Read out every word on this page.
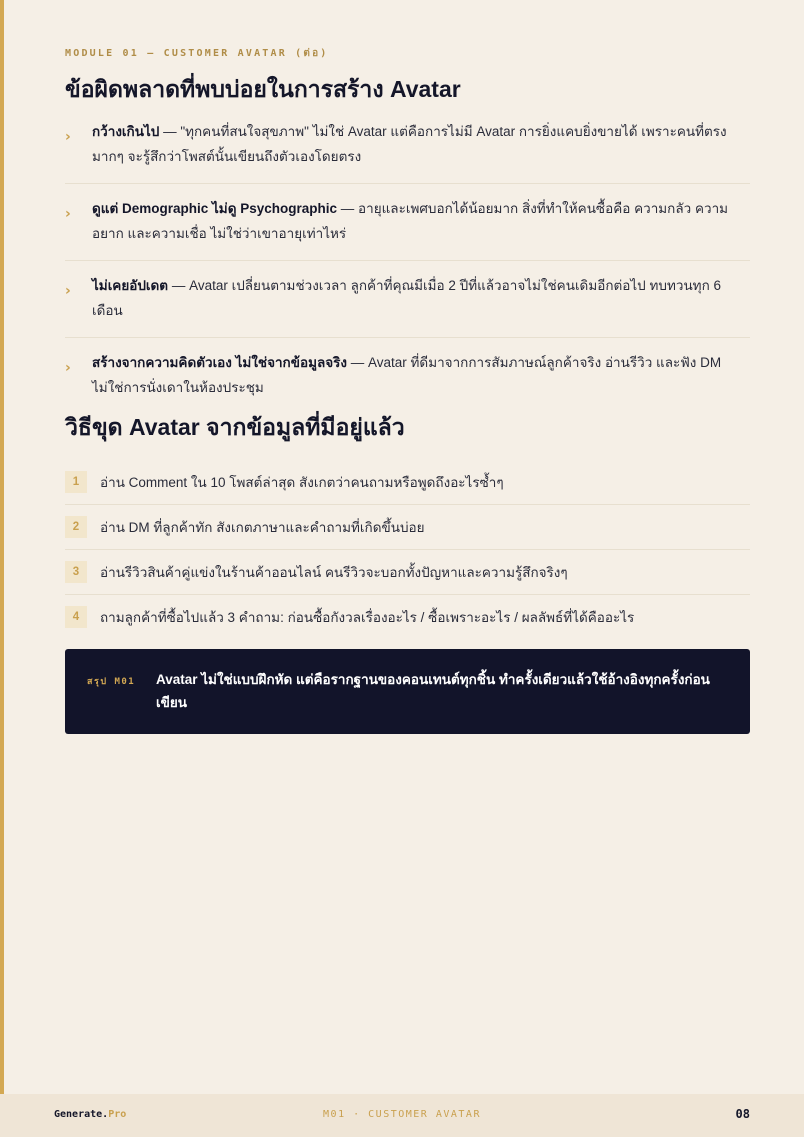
MODULE 01 — CUSTOMER AVATAR (ต่อ)
ข้อผิดพลาดที่พบบ่อยในการสร้าง Avatar
› กว้างเกินไป — "ทุกคนที่สนใจสุขภาพ" ไม่ใช่ Avatar แต่คือการไม่มี Avatar การยิ่งแคบยิ่งขายได้ เพราะคนที่ตรงมากๆ จะรู้สึกว่าโพสต์นั้นเขียนถึงตัวเองโดยตรง
› ดูแต่ Demographic ไม่ดู Psychographic — อายุและเพศบอกได้น้อยมาก สิ่งที่ทำให้คนซื้อคือ ความกลัว ความอยาก และความเชื่อ ไม่ใช่ว่าเขาอายุเท่าไหร่
› ไม่เคยอัปเดต — Avatar เปลี่ยนตามช่วงเวลา ลูกค้าที่คุณมีเมื่อ 2 ปีที่แล้วอาจไม่ใช่คนเดิมอีกต่อไป ทบทวนทุก 6 เดือน
› สร้างจากความคิดตัวเอง ไม่ใช่จากข้อมูลจริง — Avatar ที่ดีมาจากการสัมภาษณ์ลูกค้าจริง อ่านรีวิว และฟัง DM ไม่ใช่การนั่งเดาในห้องประชุม
วิธีขุด Avatar จากข้อมูลที่มีอยู่แล้ว
1	อ่าน Comment ใน 10 โพสต์ล่าสุด สังเกตว่าคนถามหรือพูดถึงอะไรซ้ำๆ
2	อ่าน DM ที่ลูกค้าทัก สังเกตภาษาและคำถามที่เกิดขึ้นบ่อย
3	อ่านรีวิวสินค้าคู่แข่งในร้านค้าออนไลน์ คนรีวิวจะบอกทั้งปัญหาและความรู้สึกจริงๆ
4	ถามลูกค้าที่ซื้อไปแล้ว 3 คำถาม: ก่อนซื้อกังวลเรื่องอะไร / ซื้อเพราะอะไร / ผลลัพธ์ที่ได้คืออะไร
สรุป M01 Avatar ไม่ใช่แบบฝึกหัด แต่คือรากฐานของคอนเทนต์ทุกชิ้น ทำครั้งเดียวแล้วใช้อ้างอิงทุกครั้งก่อนเขียน
Generate.Pro	M01 · CUSTOMER AVATAR	08
